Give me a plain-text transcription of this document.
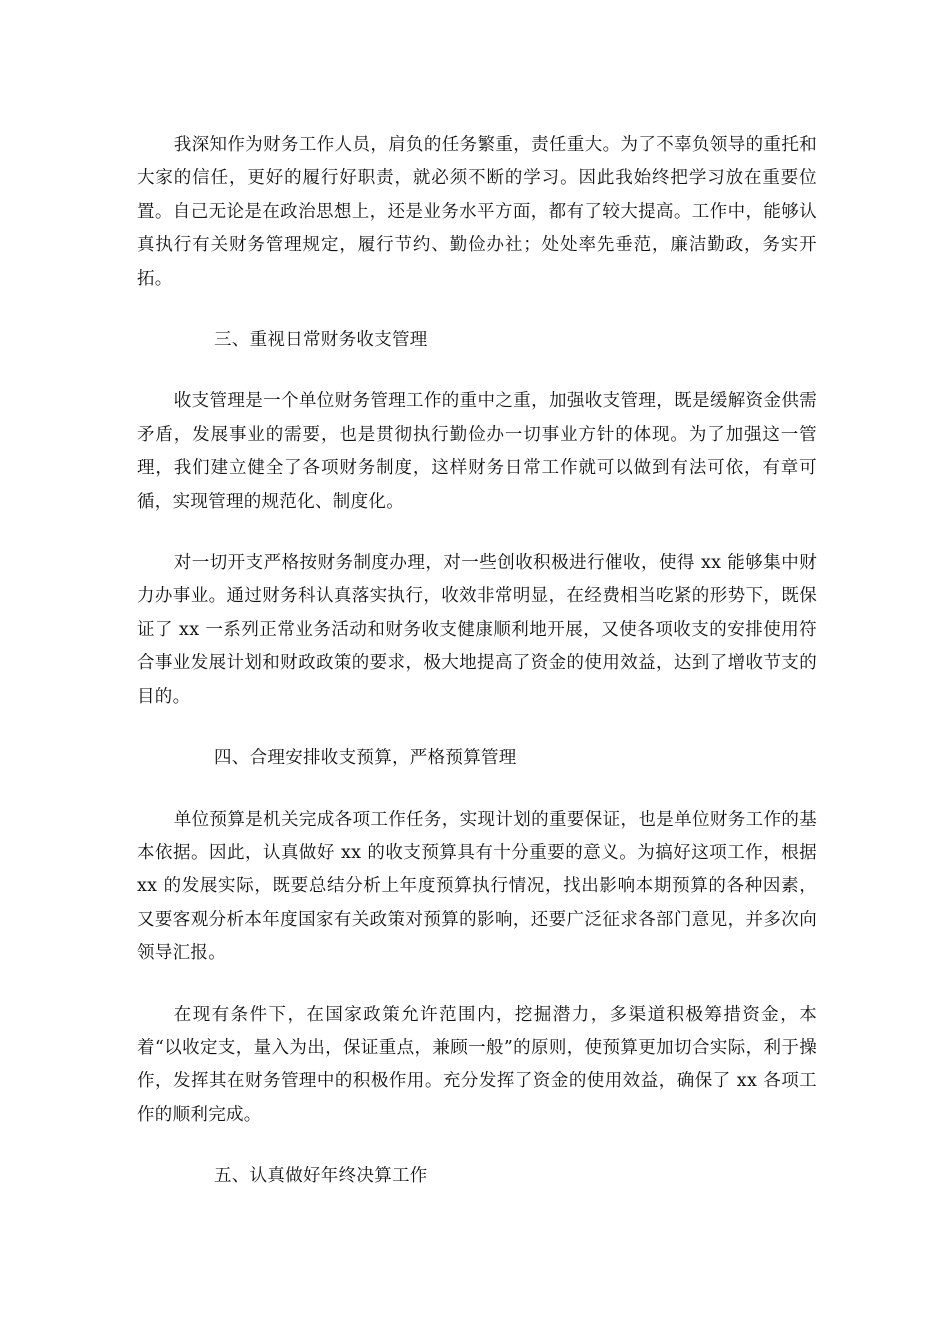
我深知作为财务工作人员，肩负的任务繁重，责任重大。为了不辜负领导的重托和大家的信任，更好的履行好职责，就必须不断的学习。因此我始终把学习放在重要位置。自己无论是在政治思想上，还是业务水平方面，都有了较大提高。工作中，能够认真执行有关财务管理规定，履行节约、勤俭办社；处处率先垂范，廉洁勤政，务实开拓。

三、重视日常财务收支管理

收支管理是一个单位财务管理工作的重中之重，加强收支管理，既是缓解资金供需矛盾，发展事业的需要，也是贯彻执行勤俭办一切事业方针的体现。为了加强这一管理，我们建立健全了各项财务制度，这样财务日常工作就可以做到有法可依，有章可循，实现管理的规范化、制度化。

对一切开支严格按财务制度办理，对一些创收积极进行催收，使得 xx 能够集中财力办事业。通过财务科认真落实执行，收效非常明显，在经费相当吃紧的形势下，既保证了 xx 一系列正常业务活动和财务收支健康顺利地开展，又使各项收支的安排使用符合事业发展计划和财政政策的要求，极大地提高了资金的使用效益，达到了增收节支的目的。

四、合理安排收支预算，严格预算管理

单位预算是机关完成各项工作任务，实现计划的重要保证，也是单位财务工作的基本依据。因此，认真做好 xx 的收支预算具有十分重要的意义。为搞好这项工作，根据 xx 的发展实际，既要总结分析上年度预算执行情况，找出影响本期预算的各种因素，又要客观分析本年度国家有关政策对预算的影响，还要广泛征求各部门意见，并多次向领导汇报。

在现有条件下，在国家政策允许范围内，挖掘潜力，多渠道积极筹措资金，本着“以收定支，量入为出，保证重点，兼顾一般”的原则，使预算更加切合实际，利于操作，发挥其在财务管理中的积极作用。充分发挥了资金的使用效益，确保了 xx 各项工作的顺利完成。

五、认真做好年终决算工作
